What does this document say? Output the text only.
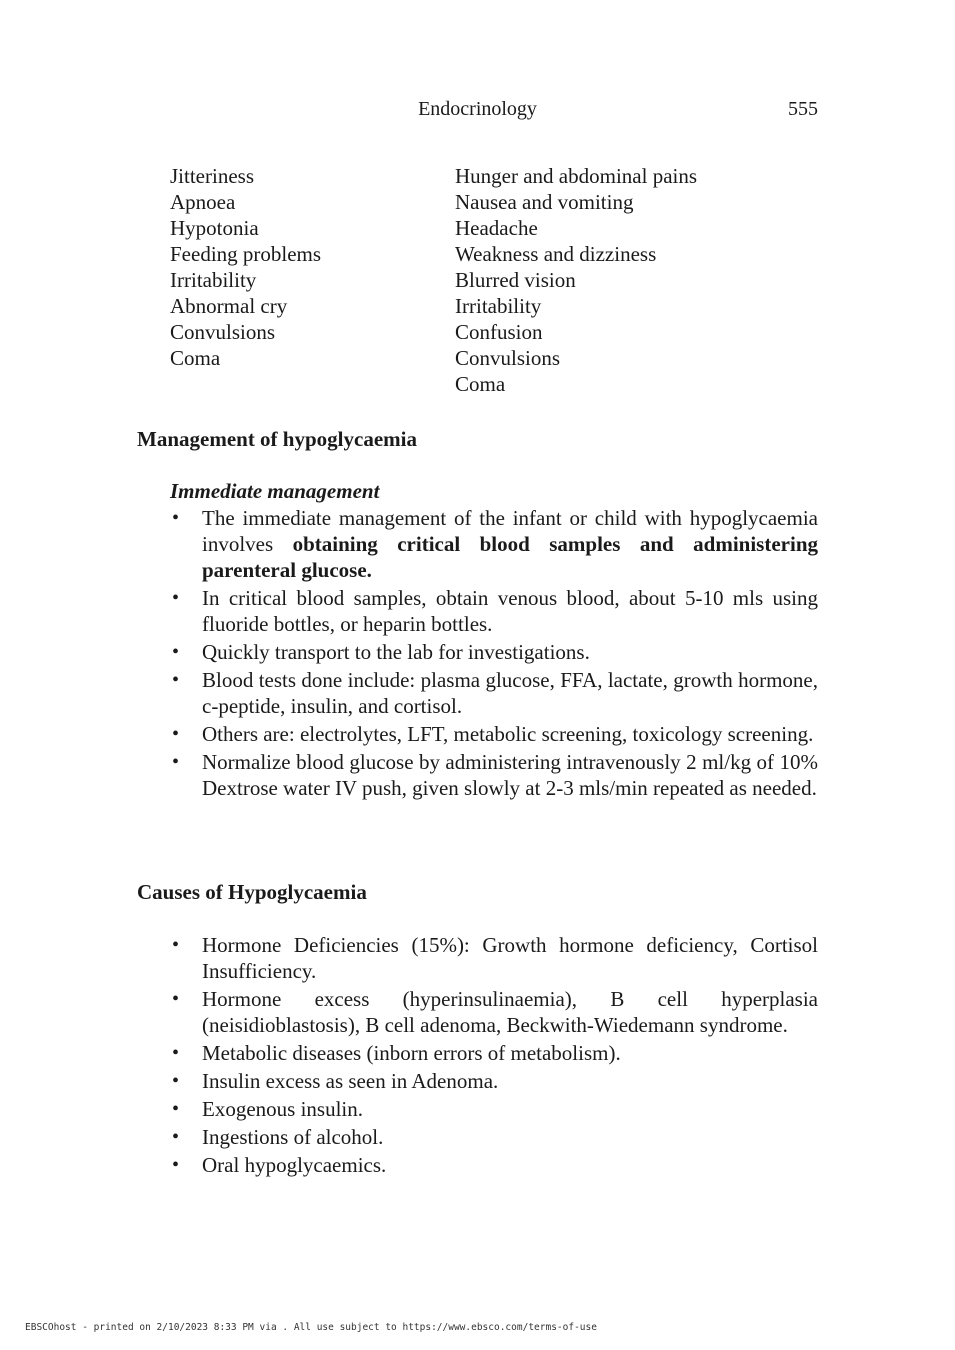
Endocrinology	555
Jitteriness
Apnoea
Hypotonia
Feeding problems
Irritability
Abnormal cry
Convulsions
Coma
Hunger and abdominal pains
Nausea and vomiting
Headache
Weakness and dizziness
Blurred vision
Irritability
Confusion
Convulsions
Coma
Management of hypoglycaemia
Immediate management
• The immediate management of the infant or child with hypoglycaemia involves obtaining critical blood samples and administering parenteral glucose.
• In critical blood samples, obtain venous blood, about 5-10 mls using fluoride bottles, or heparin bottles.
• Quickly transport to the lab for investigations.
• Blood tests done include: plasma glucose, FFA, lactate, growth hormone, c-peptide, insulin, and cortisol.
• Others are: electrolytes, LFT, metabolic screening, toxicology screening.
• Normalize blood glucose by administering intravenously 2 ml/kg of 10% Dextrose water IV push, given slowly at 2-3 mls/min repeated as needed.
Causes of Hypoglycaemia
• Hormone Deficiencies (15%): Growth hormone deficiency, Cortisol Insufficiency.
• Hormone excess (hyperinsulinaemia), B cell hyperplasia (neisidioblastosis), B cell adenoma, Beckwith-Wiedemann syndrome.
• Metabolic diseases (inborn errors of metabolism).
• Insulin excess as seen in Adenoma.
• Exogenous insulin.
• Ingestions of alcohol.
• Oral hypoglycaemics.
EBSCOhost - printed on 2/10/2023 8:33 PM via . All use subject to https://www.ebsco.com/terms-of-use
